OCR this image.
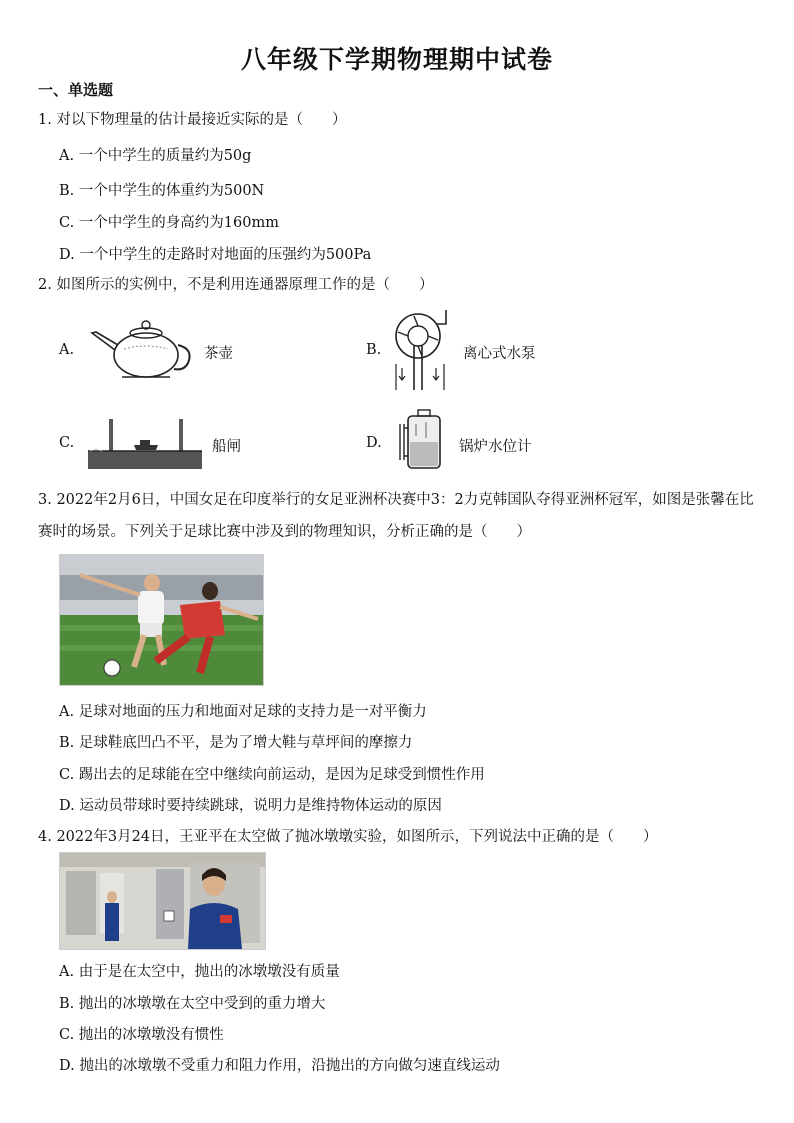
八年级下学期物理期中试卷
一、单选题
1. 对以下物理量的估计最接近实际的是（　　）
A. 一个中学生的质量约为50g
B. 一个中学生的体重约为500N
C. 一个中学生的身高约为160mm
D. 一个中学生的走路时对地面的压强约为500Pa
2. 如图所示的实例中，不是利用连通器原理工作的是（　　）
A.	茶壶	B.	离心式水泵
C.	船闸	D.	锅炉水位计
3. 2022年2月6日，中国女足在印度举行的女足亚洲杯决赛中3：2力克韩国队夺得亚洲杯冠军，如图是张馨在比赛时的场景。下列关于足球比赛中涉及到的物理知识，分析正确的是（　　）
A. 足球对地面的压力和地面对足球的支持力是一对平衡力
B. 足球鞋底凹凸不平，是为了增大鞋与草坪间的摩擦力
C. 踢出去的足球能在空中继续向前运动，是因为足球受到惯性作用
D. 运动员带球时要持续跳球，说明力是维持物体运动的原因
4. 2022年3月24日，王亚平在太空做了抛冰墩墩实验，如图所示，下列说法中正确的是（　　）
A. 由于是在太空中，抛出的冰墩墩没有质量
B. 抛出的冰墩墩在太空中受到的重力增大
C. 抛出的冰墩墩没有惯性
D. 抛出的冰墩墩不受重力和阻力作用，沿抛出的方向做匀速直线运动
